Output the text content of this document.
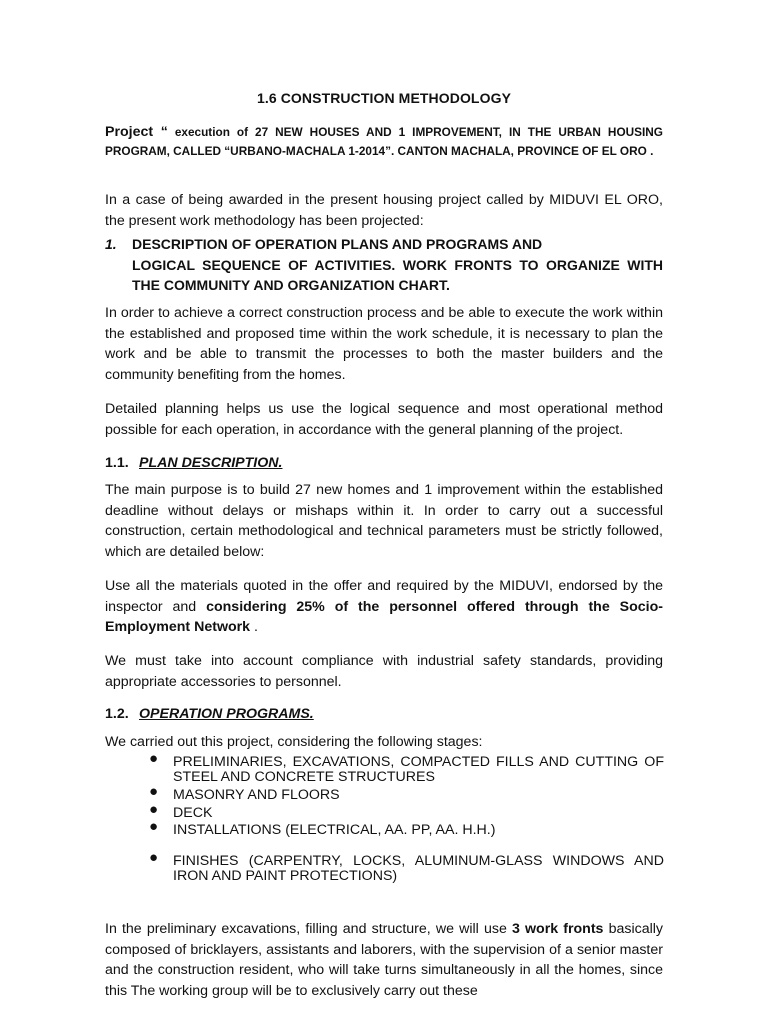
1.6 CONSTRUCTION METHODOLOGY

Project “ execution of 27 NEW HOUSES AND 1 IMPROVEMENT, IN THE URBAN HOUSING PROGRAM, CALLED “URBANO-MACHALA 1-2014”. CANTON MACHALA, PROVINCE OF EL ORO .

In a case of being awarded in the present housing project called by MIDUVI EL ORO, the present work methodology has been projected:

1. DESCRIPTION OF OPERATION PLANS AND PROGRAMS AND
LOGICAL SEQUENCE OF ACTIVITIES. WORK FRONTS TO ORGANIZE WITH THE COMMUNITY AND ORGANIZATION CHART.

In order to achieve a correct construction process and be able to execute the work within the established and proposed time within the work schedule, it is necessary to plan the work and be able to transmit the processes to both the master builders and the community benefiting from the homes.

Detailed planning helps us use the logical sequence and most operational method possible for each operation, in accordance with the general planning of the project.

1.1. PLAN DESCRIPTION.

The main purpose is to build 27 new homes and 1 improvement within the established deadline without delays or mishaps within it. In order to carry out a successful construction, certain methodological and technical parameters must be strictly followed, which are detailed below:

Use all the materials quoted in the offer and required by the MIDUVI, endorsed by the inspector and considering 25% of the personnel offered through the Socio-Employment Network .

We must take into account compliance with industrial safety standards, providing appropriate accessories to personnel.

1.2. OPERATION PROGRAMS.

We carried out this project, considering the following stages:

● PRELIMINARIES, EXCAVATIONS, COMPACTED FILLS AND CUTTING OF STEEL AND CONCRETE STRUCTURES
● MASONRY AND FLOORS
● DECK
● INSTALLATIONS (ELECTRICAL, AA. PP, AA. H.H.)
● FINISHES (CARPENTRY, LOCKS, ALUMINUM-GLASS WINDOWS AND IRON AND PAINT PROTECTIONS)

In the preliminary excavations, filling and structure, we will use 3 work fronts basically composed of bricklayers, assistants and laborers, with the supervision of a senior master and the construction resident, who will take turns simultaneously in all the homes, since this The working group will be to exclusively carry out these
